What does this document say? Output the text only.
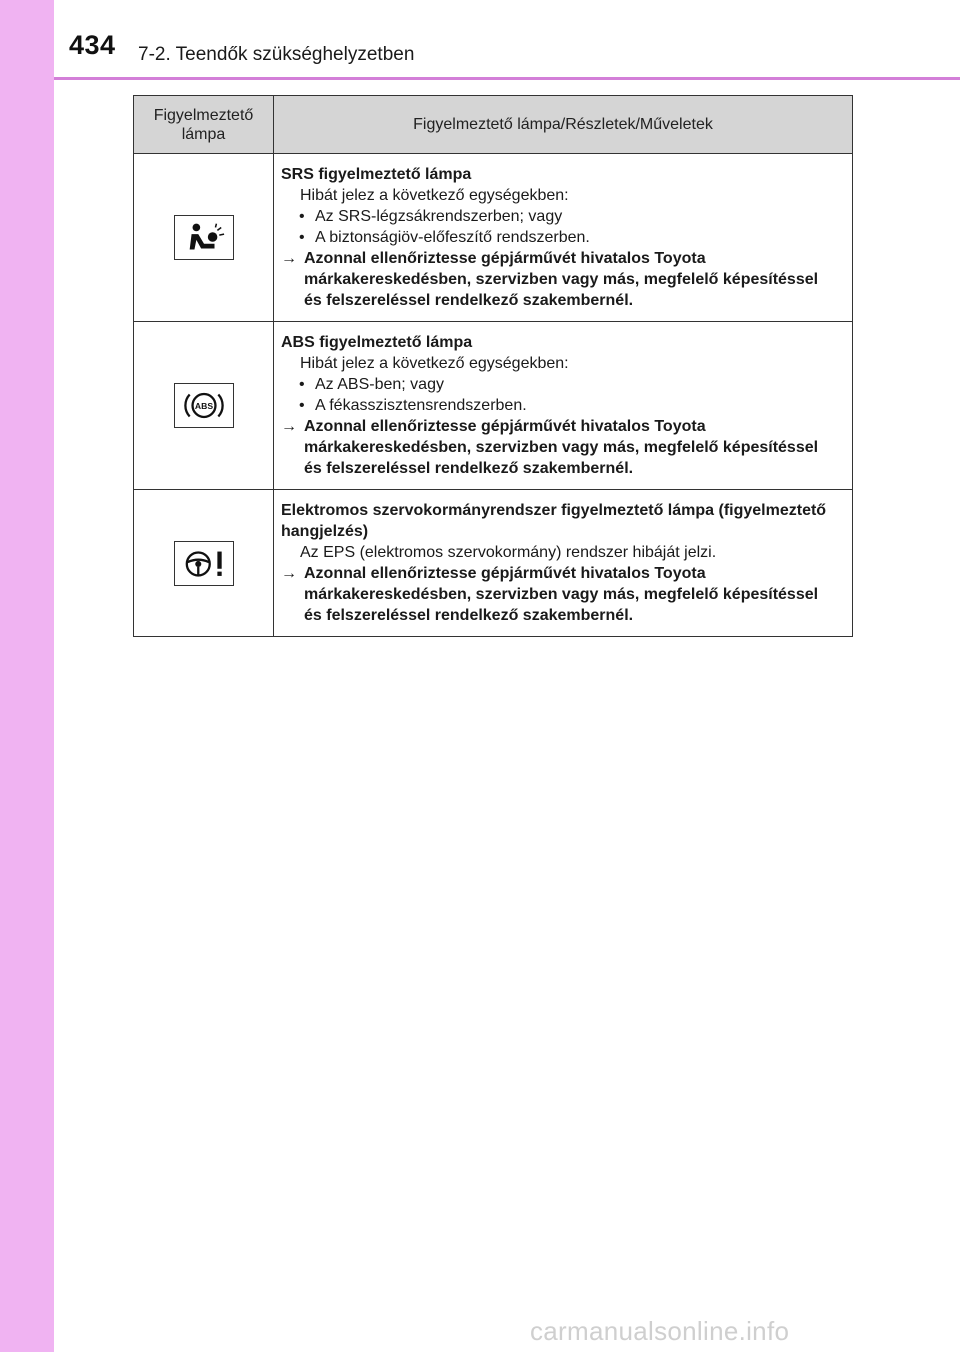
434 7-2. Teendők szükséghelyzetben
Figyelmeztető lámpa	Figyelmeztető lámpa/Részletek/Műveletek

SRS figyelmeztető lámpa
Hibát jelez a következő egységekben:
• Az SRS-légzsákrendszerben; vagy
• A biztonságiöv-előfeszítő rendszerben.
→ Azonnal ellenőriztesse gépjárművét hivatalos Toyota márkakereskedésben, szervizben vagy más, megfelelő képesítéssel és felszereléssel rendelkező szakembernél.

ABS	ABS figyelmeztető lámpa
Hibát jelez a következő egységekben:
• Az ABS-ben; vagy
• A fékasszisztensrendszerben.
→ Azonnal ellenőriztesse gépjárművét hivatalos Toyota márkakereskedésben, szervizben vagy más, megfelelő képesítéssel és felszereléssel rendelkező szakembernél.

Elektromos szervokormányrendszer figyelmeztető lámpa (figyelmeztető hangjelzés)
Az EPS (elektromos szervokormány) rendszer hibáját jelzi.
→ Azonnal ellenőriztesse gépjárművét hivatalos Toyota márkakereskedésben, szervizben vagy más, megfelelő képesítéssel és felszereléssel rendelkező szakembernél.
carmanualsonline.info
